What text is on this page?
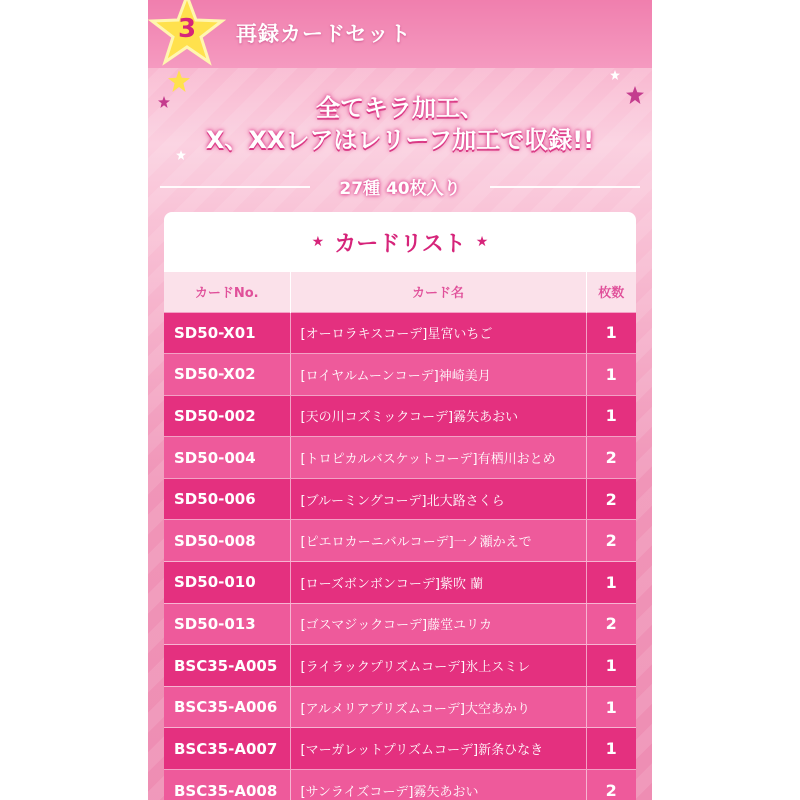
3	再録カードセット
全てキラ加工、
X、XXレアはレリーフ加工で収録!!
27種 40枚入り
★ カードリスト ★
カードNo.	カード名	枚数
SD50-X01	[オーロラキスコーデ]星宮いちご	1
SD50-X02	[ロイヤルムーンコーデ]神崎美月	1
SD50-002	[天の川コズミックコーデ]霧矢あおい	1
SD50-004	[トロピカルバスケットコーデ]有栖川おとめ	2
SD50-006	[ブルーミングコーデ]北大路さくら	2
SD50-008	[ピエロカーニバルコーデ]一ノ瀬かえで	2
SD50-010	[ローズボンボンコーデ]紫吹 蘭	1
SD50-013	[ゴスマジックコーデ]藤堂ユリカ	2
BSC35-A005	[ライラックプリズムコーデ]氷上スミレ	1
BSC35-A006	[アルメリアプリズムコーデ]大空あかり	1
BSC35-A007	[マーガレットプリズムコーデ]新条ひなき	1
BSC35-A008	[サンライズコーデ]霧矢あおい	2
